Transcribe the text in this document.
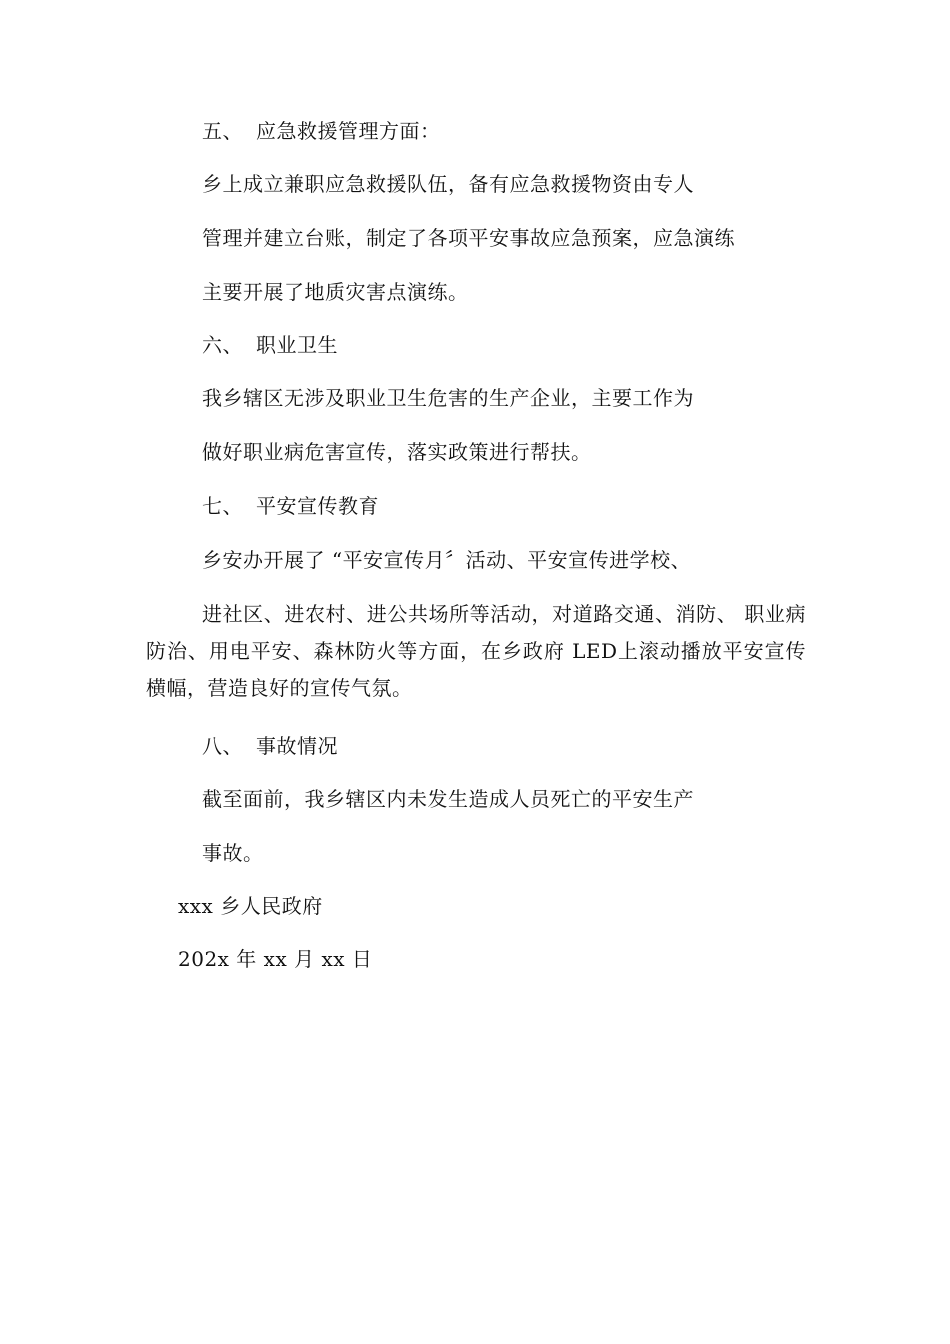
五、 应急救援管理方面：
乡上成立兼职应急救援队伍，备有应急救援物资由专人
管理并建立台账，制定了各项平安事故应急预案，应急演练
主要开展了地质灾害点演练。
六、 职业卫生
我乡辖区无涉及职业卫生危害的生产企业，主要工作为
做好职业病危害宣传，落实政策进行帮扶。
七、 平安宣传教育
乡安办开展了 “平安宣传月〞活动、平安宣传进学校、
进社区、进农村、进公共场所等活动，对道路交通、消防、 职业病防治、用电平安、森林防火等方面，在乡政府 LED上滚动播放平安宣传横幅，营造良好的宣传气氛。
八、 事故情况
截至面前，我乡辖区内未发生造成人员死亡的平安生产
事故。
xxx 乡人民政府
202x 年 xx 月 xx 日
